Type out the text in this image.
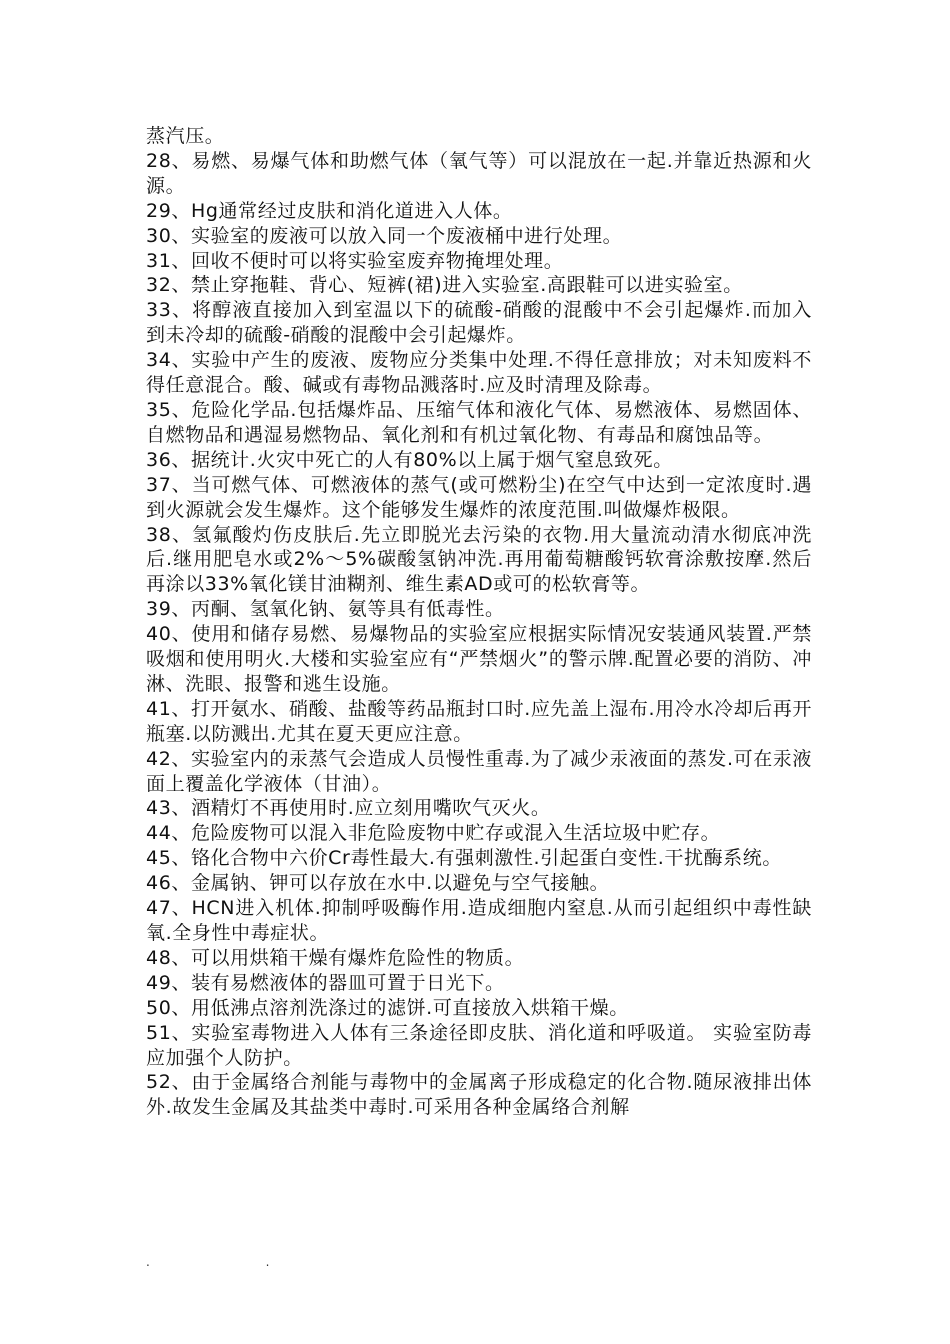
蒸汽压。

28、易燃、易爆气体和助燃气体（氧气等）可以混放在一起.并靠近热源和火源。

29、Hg通常经过皮肤和消化道进入人体。

30、实验室的废液可以放入同一个废液桶中进行处理。

31、回收不便时可以将实验室废弃物掩埋处理。

32、禁止穿拖鞋、背心、短裤(裙)进入实验室.高跟鞋可以进实验室。

33、将醇液直接加入到室温以下的硫酸-硝酸的混酸中不会引起爆炸.而加入到未冷却的硫酸-硝酸的混酸中会引起爆炸。

34、实验中产生的废液、废物应分类集中处理.不得任意排放；对未知废料不得任意混合。酸、碱或有毒物品溅落时.应及时清理及除毒。

35、危险化学品.包括爆炸品、压缩气体和液化气体、易燃液体、易燃固体、自燃物品和遇湿易燃物品、氧化剂和有机过氧化物、有毒品和腐蚀品等。

36、据统计.火灾中死亡的人有80%以上属于烟气窒息致死。

37、当可燃气体、可燃液体的蒸气(或可燃粉尘)在空气中达到一定浓度时.遇到火源就会发生爆炸。这个能够发生爆炸的浓度范围.叫做爆炸极限。

38、氢氟酸灼伤皮肤后.先立即脱光去污染的衣物.用大量流动清水彻底冲洗后.继用肥皂水或2%～5%碳酸氢钠冲洗.再用葡萄糖酸钙软膏涂敷按摩.然后再涂以33%氧化镁甘油糊剂、维生素AD或可的松软膏等。

39、丙酮、氢氧化钠、氨等具有低毒性。

40、使用和储存易燃、易爆物品的实验室应根据实际情况安装通风装置.严禁吸烟和使用明火.大楼和实验室应有“严禁烟火”的警示牌.配置必要的消防、冲淋、洗眼、报警和逃生设施。

41、打开氨水、硝酸、盐酸等药品瓶封口时.应先盖上湿布.用冷水冷却后再开瓶塞.以防溅出.尤其在夏天更应注意。

42、实验室内的汞蒸气会造成人员慢性重毒.为了减少汞液面的蒸发.可在汞液面上覆盖化学液体（甘油）。

43、酒精灯不再使用时.应立刻用嘴吹气灭火。

44、危险废物可以混入非危险废物中贮存或混入生活垃圾中贮存。

45、铬化合物中六价Cr毒性最大.有强刺激性.引起蛋白变性.干扰酶系统。

46、金属钠、钾可以存放在水中.以避免与空气接触。

47、HCN进入机体.抑制呼吸酶作用.造成细胞内窒息.从而引起组织中毒性缺氧.全身性中毒症状。

48、可以用烘箱干燥有爆炸危险性的物质。

49、装有易燃液体的器皿可置于日光下。

50、用低沸点溶剂洗涤过的滤饼.可直接放入烘箱干燥。

51、实验室毒物进入人体有三条途径即皮肤、消化道和呼吸道。 实验室防毒应加强个人防护。

52、由于金属络合剂能与毒物中的金属离子形成稳定的化合物.随尿液排出体外.故发生金属及其盐类中毒时.可采用各种金属络合剂解

.	.
